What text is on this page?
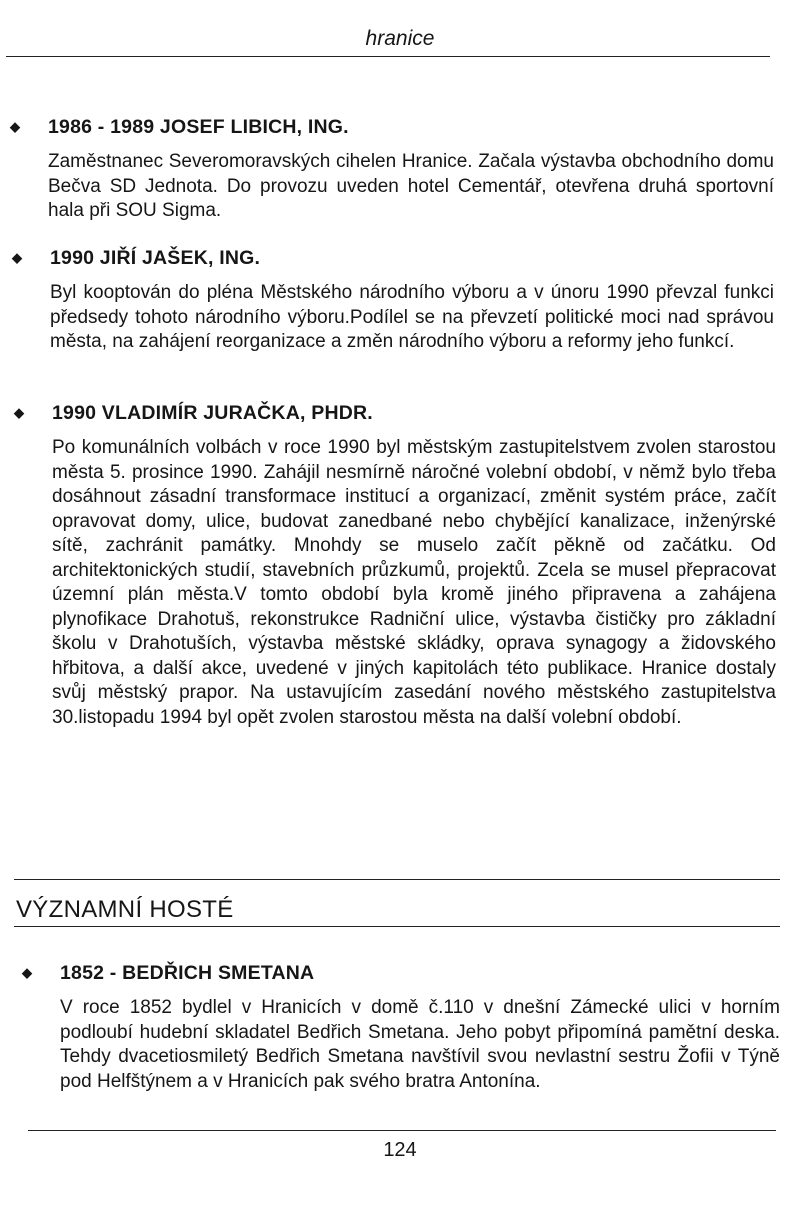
hranice
◆ 1986 - 1989 JOSEF LIBICH, ING.

Zaměstnanec Severomoravských cihelen Hranice. Začala výstavba obchodního domu Bečva SD Jednota. Do provozu uveden hotel Cementář, otevřena druhá sportovní hala při SOU Sigma.

◆ 1990 JIŘÍ JAŠEK, ING.

Byl kooptován do pléna Městského národního výboru a v únoru 1990 převzal funkci předsedy tohoto národního výboru.Podílel se na převzetí politické moci nad správou města, na zahájení reorganizace a změn národního výboru a reformy jeho funkcí.

◆ 1990 VLADIMÍR JURAČKA, PHDR.

Po komunálních volbách v roce 1990 byl městským zastupitelstvem zvolen starostou města 5. prosince 1990. Zahájil nesmírně náročné volební období, v němž bylo třeba dosáhnout zásadní transformace institucí a organizací, změnit systém práce, začít opravovat domy, ulice, budovat zanedbané nebo chybějící kanalizace, inženýrské sítě, zachránit památky. Mnohdy se muselo začít pěkně od začátku. Od architektonických studií, stavebních průzkumů, projektů. Zcela se musel přepracovat územní plán města.V tomto období byla kromě jiného připravena a zahájena plynofikace Drahotuš, rekonstrukce Radniční ulice, výstavba čističky pro základní školu v Drahotuších, výstavba městské skládky, oprava synagogy a židovského hřbitova, a další akce, uvedené v jiných kapitolách této publikace. Hranice dostaly svůj městský prapor. Na ustavujícím zasedání nového městského zastupitelstva 30.listopadu 1994 byl opět zvolen starostou města na další volební období.

VÝZNAMNÍ HOSTÉ
◆ 1852 - BEDŘICH SMETANA

V roce 1852 bydlel v Hranicích v domě č.110 v dnešní Zámecké ulici v horním podloubí hudební skladatel Bedřich Smetana. Jeho pobyt připomíná pamětní deska. Tehdy dvacetiosmiletý Bedřich Smetana navštívil svou nevlastní sestru Žofii v Týně pod Helfštýnem a v Hranicích pak svého bratra Antonína.

124
